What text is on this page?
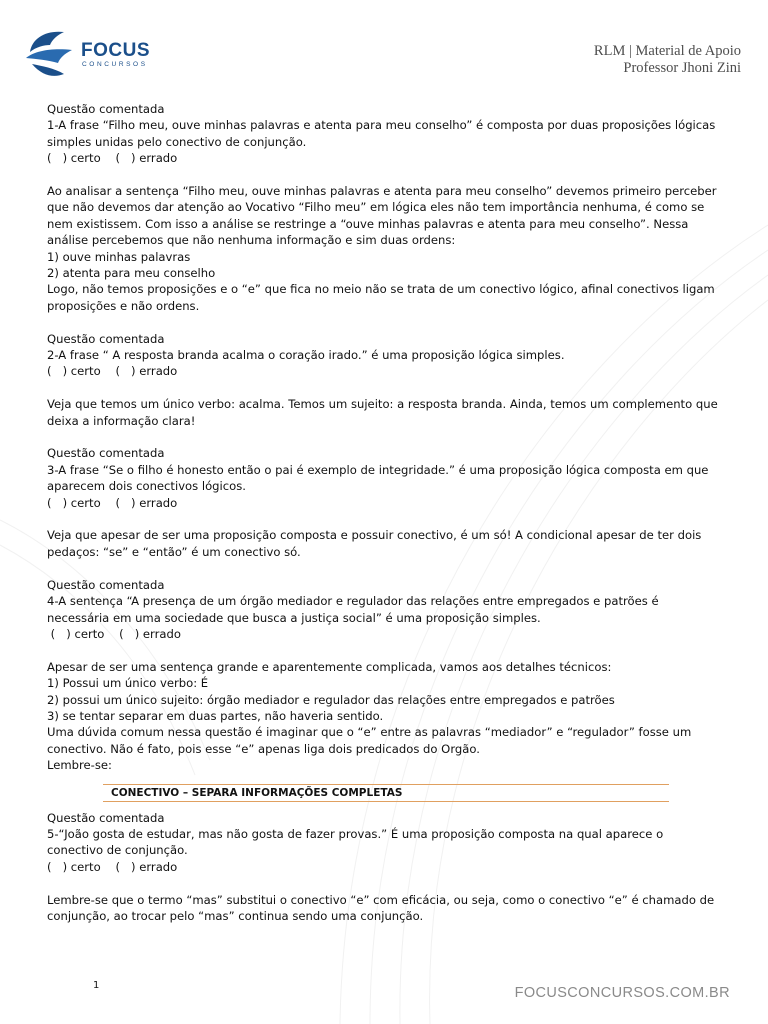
FOCUS
CONCURSOS
RLM | Material de Apoio
Professor Jhoni Zini

Questão comentada

1-A frase “Filho meu, ouve minhas palavras e atenta para meu conselho” é composta por duas proposições lógicas simples unidas pelo conectivo de conjunção.

(   ) certo    (   ) errado

Ao analisar a sentença “Filho meu, ouve minhas palavras e atenta para meu conselho” devemos primeiro perceber que não devemos dar atenção ao Vocativo “Filho meu” em lógica eles não tem importância nenhuma, é como se nem existissem. Com isso a análise se restringe a “ouve minhas palavras e atenta para meu conselho”. Nessa análise percebemos que não nenhuma informação e sim duas ordens:

1) ouve minhas palavras

2) atenta para meu conselho

Logo, não temos proposições e o “e” que fica no meio não se trata de um conectivo lógico, afinal conectivos ligam proposições e não ordens.

Questão comentada

2-A frase “ A resposta branda acalma o coração irado.” é uma proposição lógica simples.

(   ) certo    (   ) errado

Veja que temos um único verbo: acalma. Temos um sujeito: a resposta branda. Ainda, temos um complemento que deixa a informação clara!

Questão comentada

3-A frase “Se o filho é honesto então o pai é exemplo de integridade.” é uma proposição lógica composta em que aparecem dois conectivos lógicos.

(   ) certo    (   ) errado

Veja que apesar de ser uma proposição composta e possuir conectivo, é um só! A condicional apesar de ter dois pedaços: “se” e “então” é um conectivo só.

Questão comentada

4-A sentença “A presença de um órgão mediador e regulador das relações entre empregados e patrões é necessária em uma sociedade que busca a justiça social” é uma proposição simples.

(   ) certo    (   ) errado

Apesar de ser uma sentença grande e aparentemente complicada, vamos aos detalhes técnicos:

1) Possui um único verbo: É

2) possui um único sujeito: órgão mediador e regulador das relações entre empregados e patrões

3) se tentar separar em duas partes, não haveria sentido.

Uma dúvida comum nessa questão é imaginar que o “e” entre as palavras “mediador” e “regulador” fosse um conectivo. Não é fato, pois esse “e” apenas liga dois predicados do Orgão.

Lembre-se:

CONECTIVO – SEPARA INFORMAÇÕES COMPLETAS

Questão comentada

5-“João gosta de estudar, mas não gosta de fazer provas.” É uma proposição composta na qual aparece o conectivo de conjunção.

(   ) certo    (   ) errado

Lembre-se que o termo “mas” substitui o conectivo “e” com eficácia, ou seja, como o conectivo “e” é chamado de conjunção, ao trocar pelo “mas” continua sendo uma conjunção.

1	FOCUSCONCURSOS.COM.BR
